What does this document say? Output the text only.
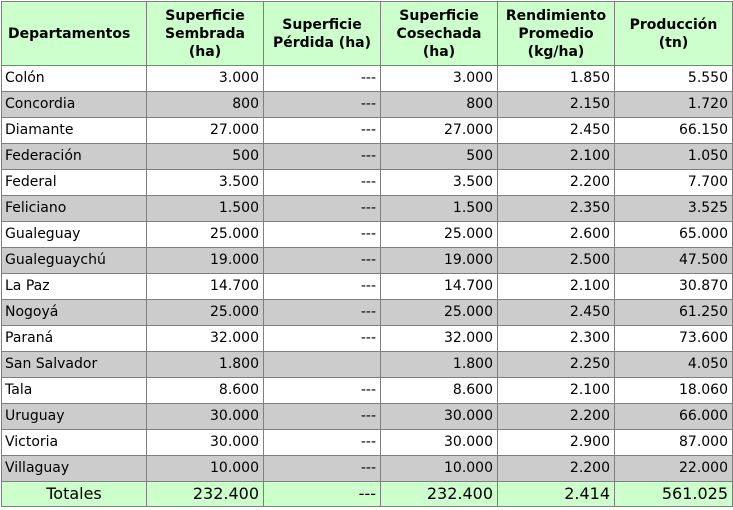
Departamentos	Superficie Sembrada (ha)	Superficie Pérdida (ha)	Superficie Cosechada (ha)	Rendimiento Promedio (kg/ha)	Producción (tn)
Colón	3.000	---	3.000	1.850	5.550
Concordia	800	---	800	2.150	1.720
Diamante	27.000	---	27.000	2.450	66.150
Federación	500	---	500	2.100	1.050
Federal	3.500	---	3.500	2.200	7.700
Feliciano	1.500	---	1.500	2.350	3.525
Gualeguay	25.000	---	25.000	2.600	65.000
Gualeguaychú	19.000	---	19.000	2.500	47.500
La Paz	14.700	---	14.700	2.100	30.870
Nogoyá	25.000	---	25.000	2.450	61.250
Paraná	32.000	---	32.000	2.300	73.600
San Salvador	1.800		1.800	2.250	4.050
Tala	8.600	---	8.600	2.100	18.060
Uruguay	30.000	---	30.000	2.200	66.000
Victoria	30.000	---	30.000	2.900	87.000
Villaguay	10.000	---	10.000	2.200	22.000
Totales	232.400	---	232.400	2.414	561.025
